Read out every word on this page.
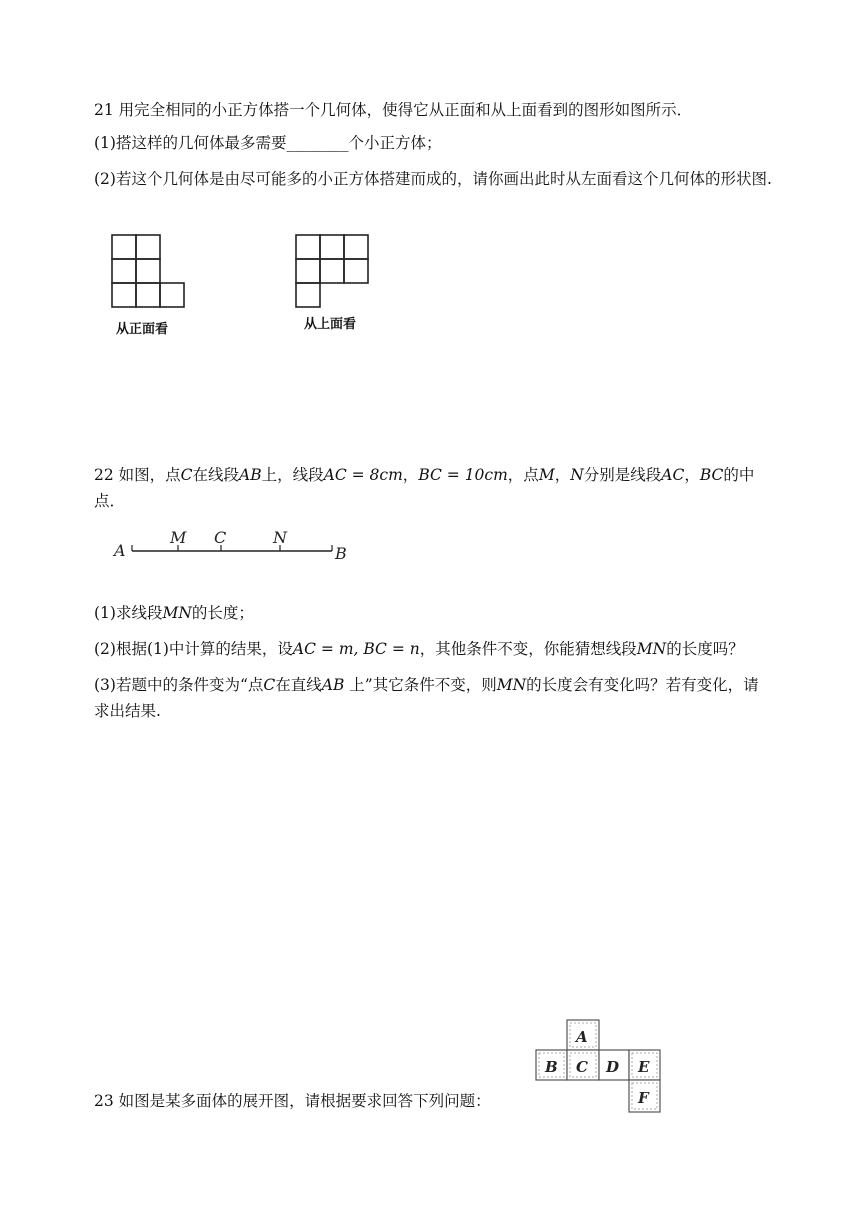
21 用完全相同的小正方体搭一个几何体，使得它从正面和从上面看到的图形如图所示．
(1)搭这样的几何体最多需要________个小正方体；
(2)若这个几何体是由尽可能多的小正方体搭建而成的，请你画出此时从左面看这个几何体的形状图.
从正面看	从上面看
22 如图，点C在线段AB上，线段AC = 8cm，BC = 10cm，点M，N分别是线段AC，BC的中点．
A
M C	N
B
(1)求线段MN的长度；
(2)根据(1)中计算的结果，设AC = m, BC = n，其他条件不变，你能猜想线段MN的长度吗？
(3)若题中的条件变为“点C在直线AB 上”其它条件不变，则MN的长度会有变化吗？若有变化，请求出结果.
23 如图是某多面体的展开图，请根据要求回答下列问题：
A
B C D E
F
